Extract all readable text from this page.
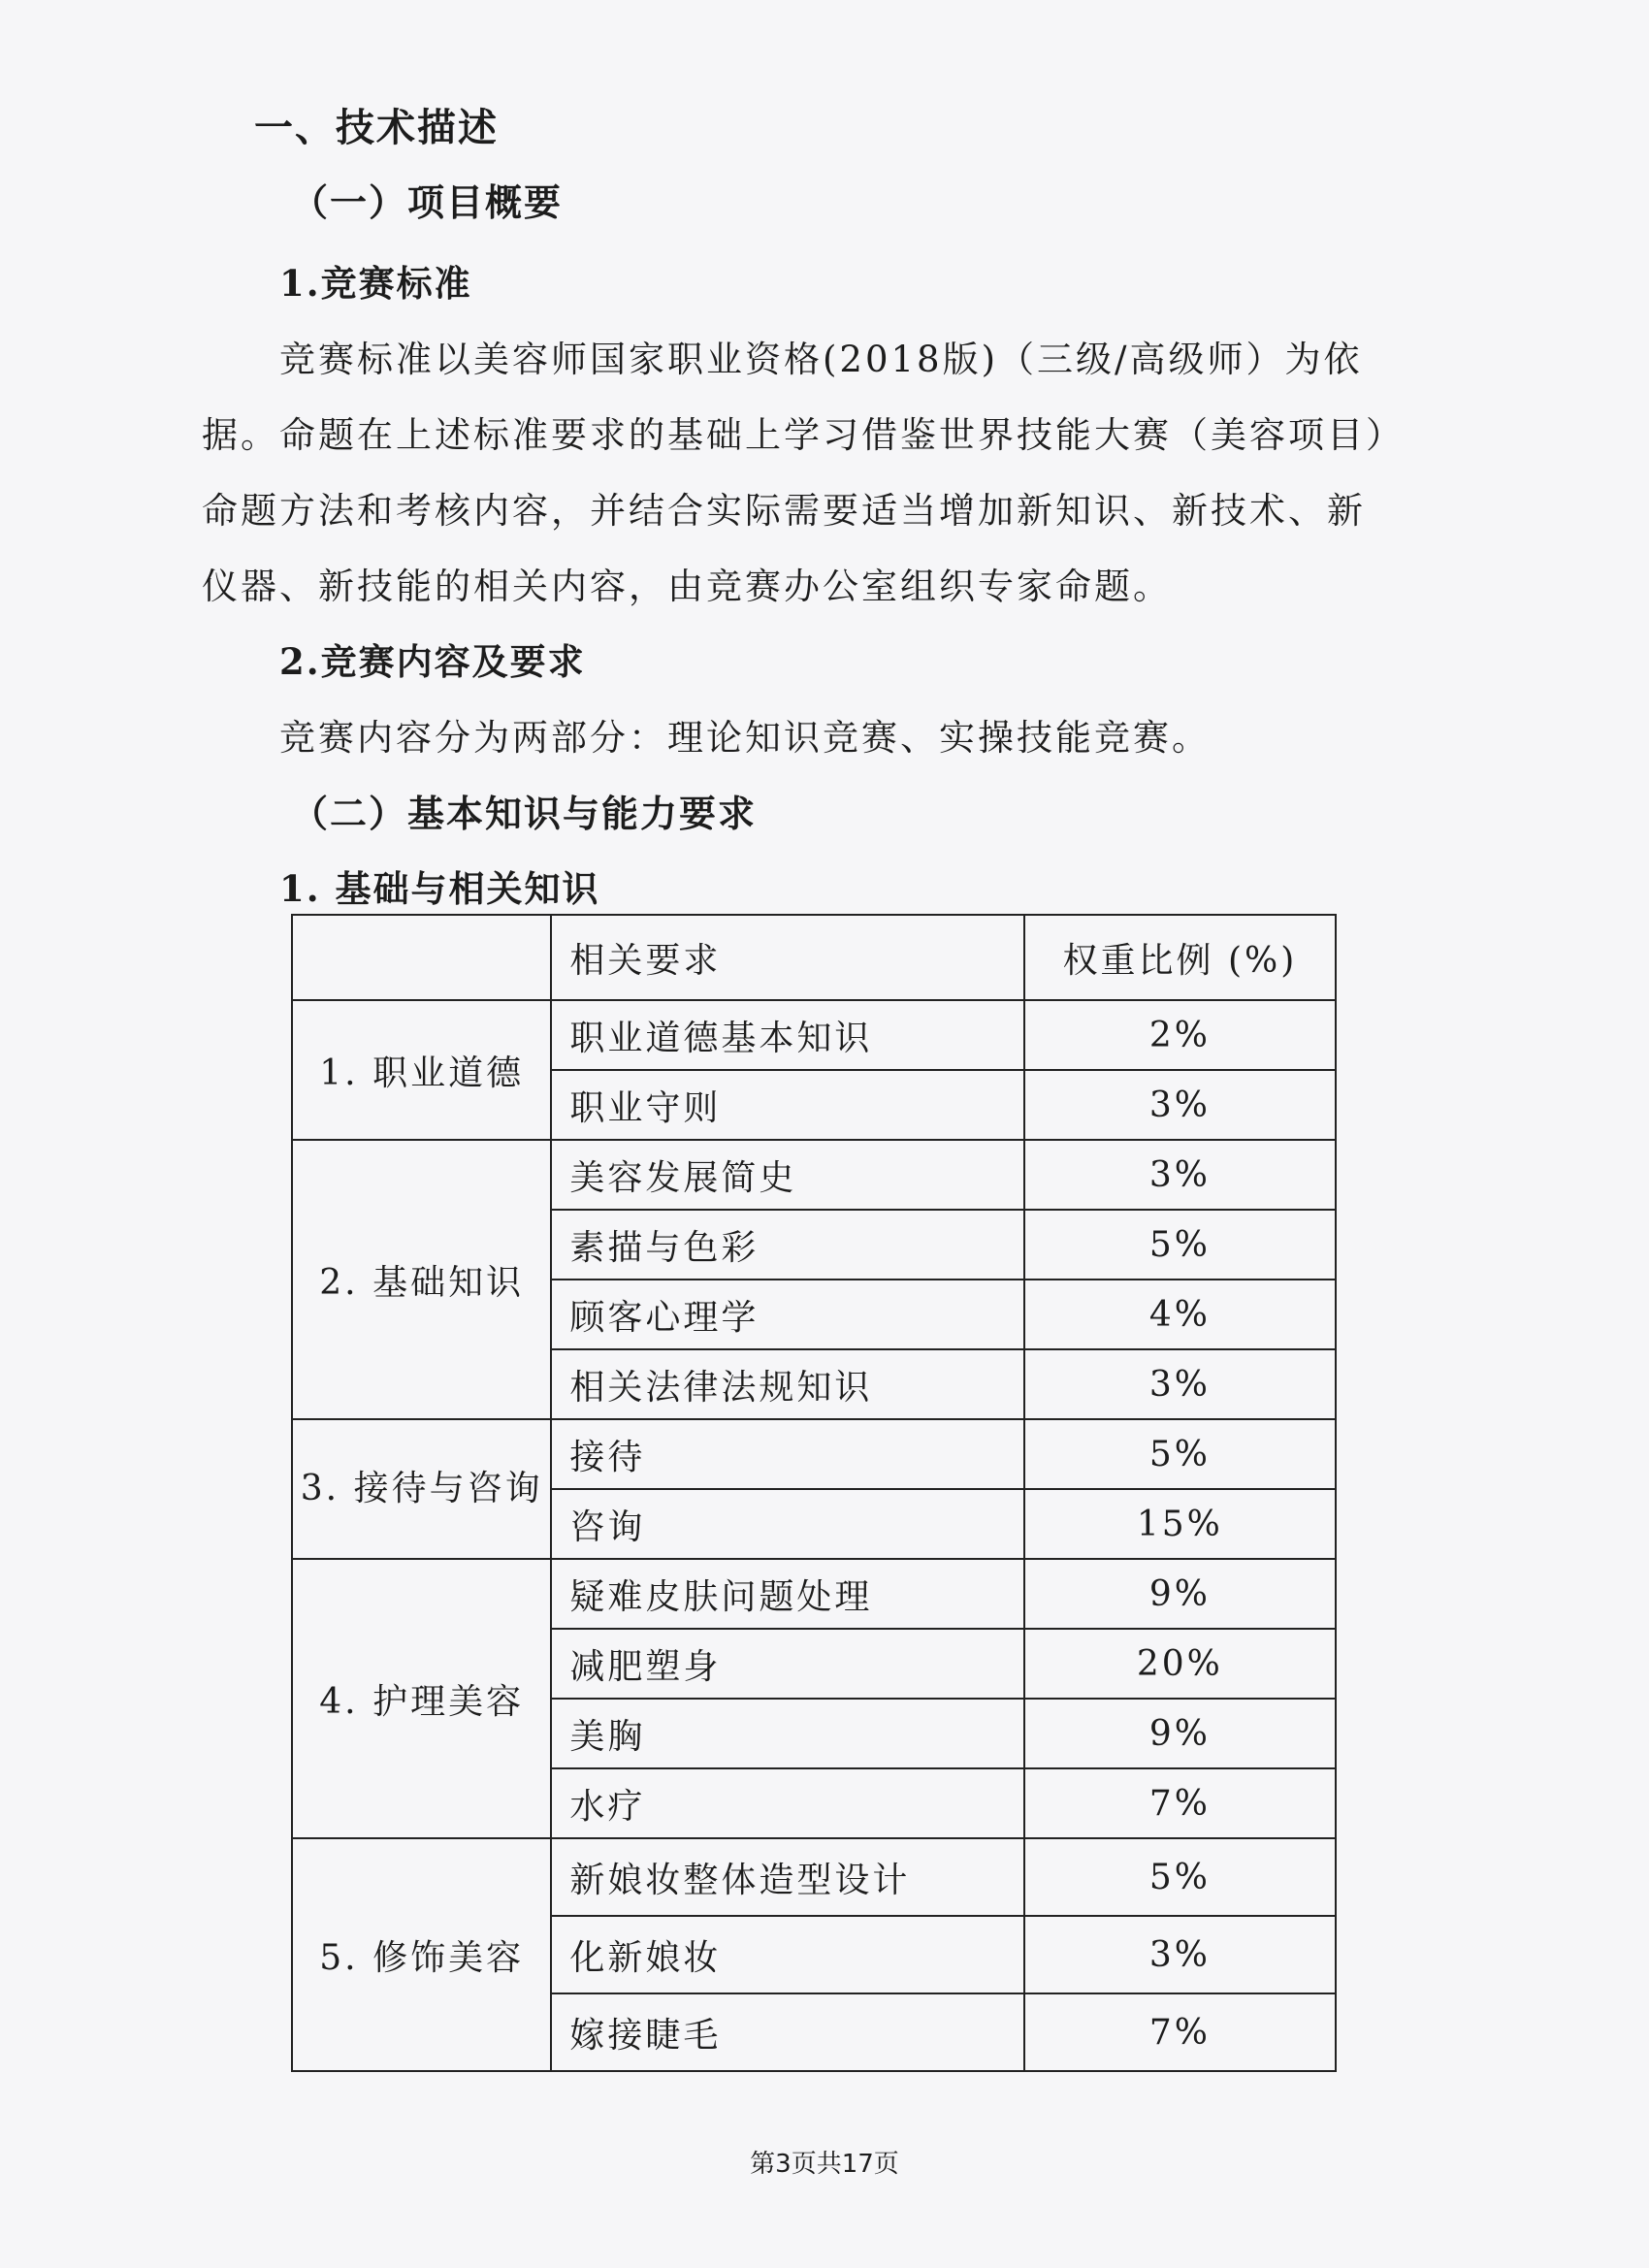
一、技术描述
（一）项目概要
1.竞赛标准
竞赛标准以美容师国家职业资格(2018版)（三级/高级师）为依
据。命题在上述标准要求的基础上学习借鉴世界技能大赛（美容项目）
命题方法和考核内容，并结合实际需要适当增加新知识、新技术、新
仪器、新技能的相关内容，由竞赛办公室组织专家命题。
2.竞赛内容及要求
竞赛内容分为两部分：理论知识竞赛、实操技能竞赛。
（二）基本知识与能力要求
1. 基础与相关知识
	相关要求	权重比例 (%)
1. 职业道德	职业道德基本知识	2%
	职业守则	3%
2. 基础知识	美容发展简史	3%
	素描与色彩	5%
	顾客心理学	4%
	相关法律法规知识	3%
3. 接待与咨询	接待	5%
	咨询	15%
4. 护理美容	疑难皮肤问题处理	9%
	减肥塑身	20%
	美胸	9%
	水疗	7%
5. 修饰美容	新娘妆整体造型设计	5%
	化新娘妆	3%
	嫁接睫毛	7%
第3页共17页
